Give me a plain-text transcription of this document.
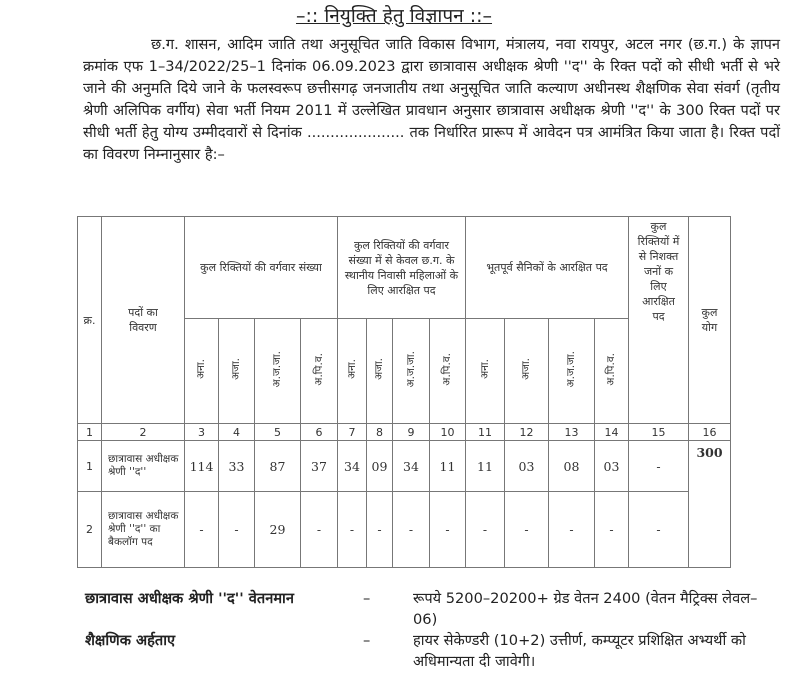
–:: नियुक्ति हेतु विज्ञापन ::–
छ.ग. शासन, आदिम जाति तथा अनुसूचित जाति विकास विभाग, मंत्रालय, नवा रायपुर, अटल नगर (छ.ग.) के ज्ञापन क्रमांक एफ 1–34/2022/25–1 दिनांक 06.09.2023 द्वारा छात्रावास अधीक्षक श्रेणी ''द'' के रिक्त पदों को सीधी भर्ती से भरे जाने की अनुमति दिये जाने के फलस्वरूप छत्तीसगढ़ जनजातीय तथा अनुसूचित जाति कल्याण अधीनस्थ शैक्षणिक सेवा संवर्ग (तृतीय श्रेणी अलिपिक वर्गीय) सेवा भर्ती नियम 2011 में उल्लेखित प्रावधान अनुसार छात्रावास अधीक्षक श्रेणी ''द'' के 300 रिक्त पदों पर सीधी भर्ती हेतु योग्य उम्मीदवारों से दिनांक ..................... तक निर्धारित प्रारूप में आवेदन पत्र आमंत्रित किया जाता है। रिक्त पदों का विवरण निम्नानुसार है:–
क्र.	पदों का विवरण	कुल रिक्तियों की वर्गवार संख्या				कुल रिक्तियों की वर्गवार संख्या में से केवल छ.ग. के स्थानीय निवासी महिलाओं के लिए आरक्षित पद				भूतपूर्व सैनिकों के आरक्षित पद				कुल रिक्तियों में से निशक्त जनों क लिए आरक्षित पद	कुल योग
		अना.	अजा.	अ.ज.जा.	अ.पि.व.	अना.	अजा.	अ.ज.जा.	अ.पि.व.	अना.	अजा.	अ.ज.जा.	अ.पि.व.		
1	2	3	4	5	6	7	8	9	10	11	12	13	14	15	16
1	छात्रावास अधीक्षक श्रेणी ''द''	114	33	87	37	34	09	34	11	11	03	08	03	-	300
2	छात्रावास अधीक्षक श्रेणी ''द'' का बैकलॉग पद	-	-	29	-	-	-	-	-	-	-	-	-	-	
छात्रावास अधीक्षक श्रेणी ''द'' वेतनमान	–	रूपये 5200–20200+ ग्रेड वेतन 2400 (वेतन मैट्रिक्स लेवल–06)
शैक्षणिक अर्हताए	–	हायर सेकेण्डरी (10+2) उत्तीर्ण, कम्प्यूटर प्रशिक्षित अभ्यर्थी को अधिमान्यता दी जावेगी।
